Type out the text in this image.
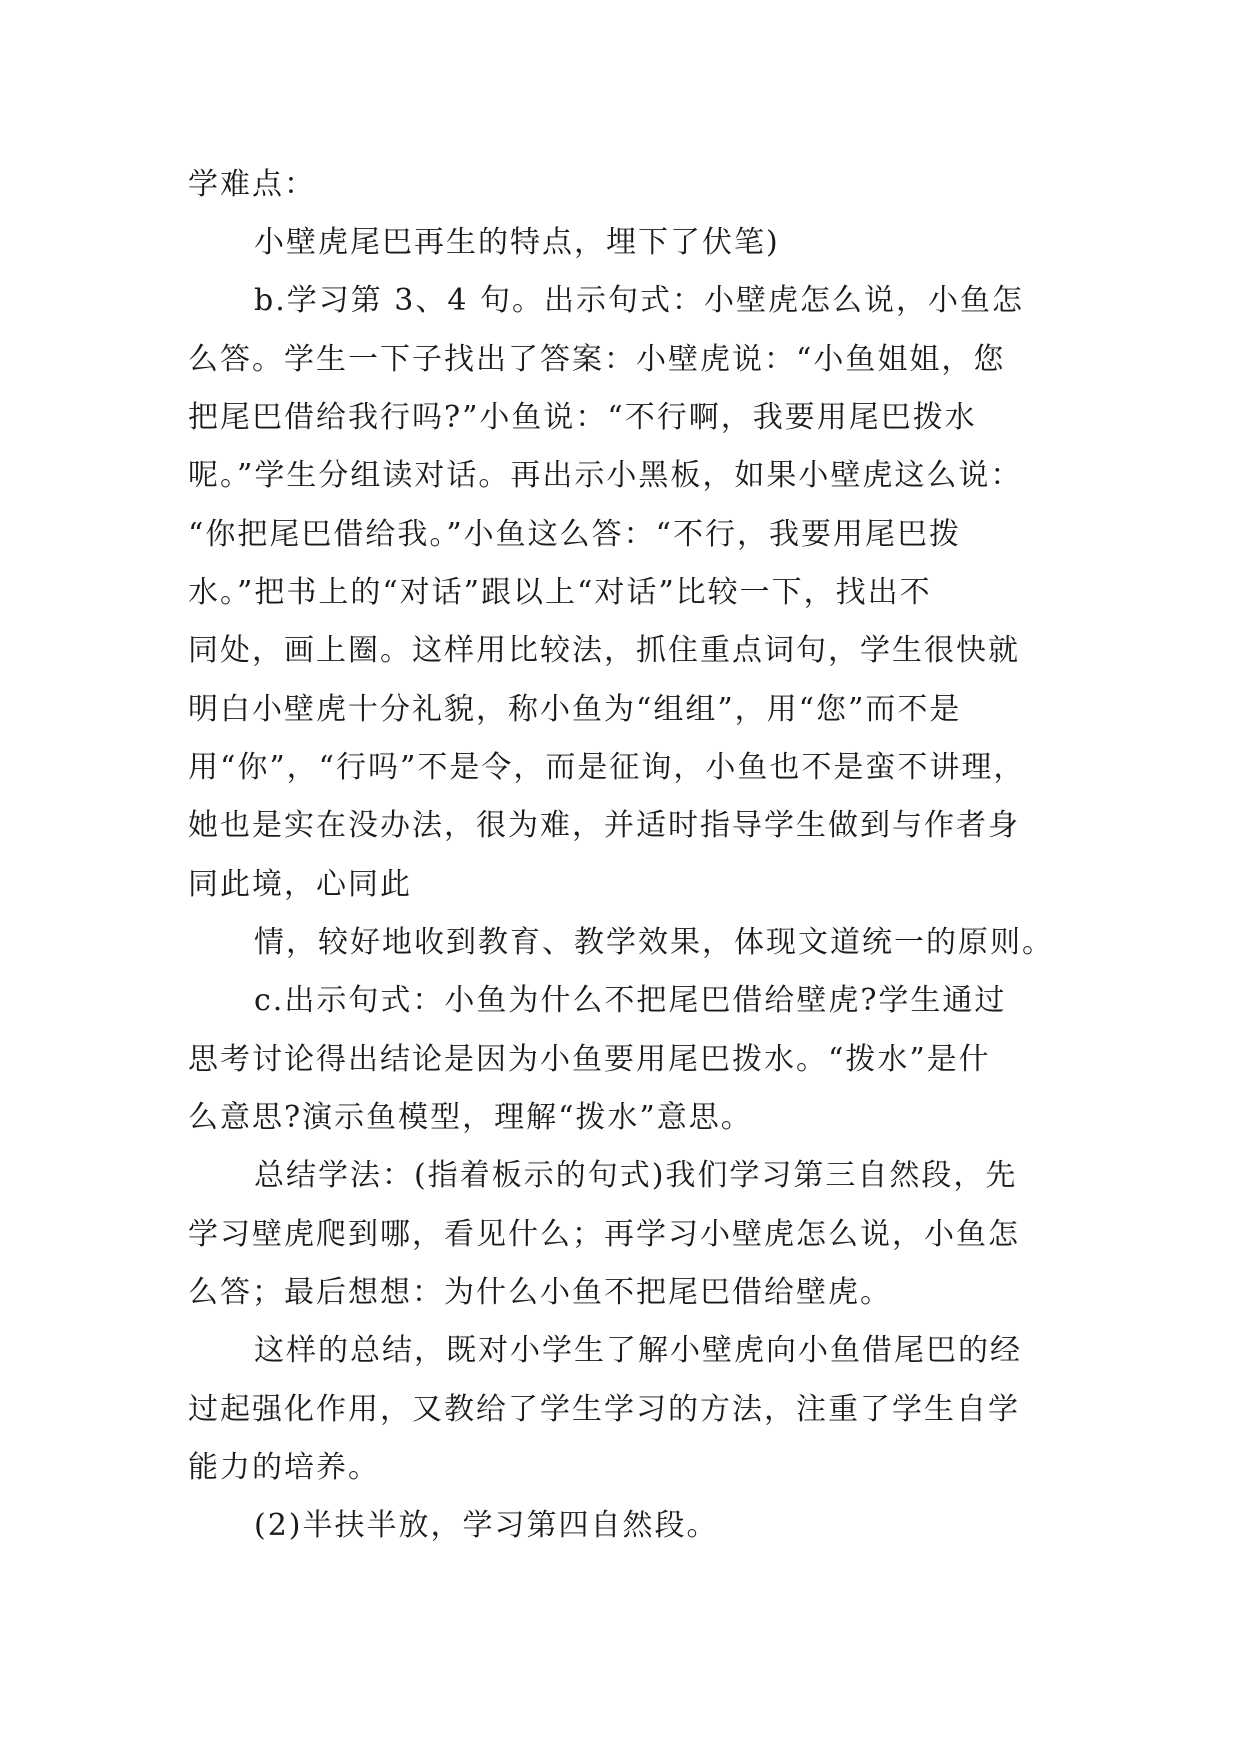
学难点：
小壁虎尾巴再生的特点，埋下了伏笔)
b.学习第 3、4 句。出示句式：小壁虎怎么说，小鱼怎
么答。学生一下子找出了答案：小壁虎说：“小鱼姐姐，您
把尾巴借给我行吗?”小鱼说：“不行啊，我要用尾巴拨水
呢。”学生分组读对话。再出示小黑板，如果小壁虎这么说：
“你把尾巴借给我。”小鱼这么答：“不行，我要用尾巴拨
水。”把书上的“对话”跟以上“对话”比较一下，找出不
同处，画上圈。这样用比较法，抓住重点词句，学生很快就
明白小壁虎十分礼貌，称小鱼为“组组”，用“您”而不是
用“你”，“行吗”不是令，而是征询，小鱼也不是蛮不讲理，
她也是实在没办法，很为难，并适时指导学生做到与作者身
同此境，心同此
情，较好地收到教育、教学效果，体现文道统一的原则。
c.出示句式：小鱼为什么不把尾巴借给壁虎?学生通过
思考讨论得出结论是因为小鱼要用尾巴拨水。“拨水”是什
么意思?演示鱼模型，理解“拨水”意思。
总结学法：(指着板示的句式)我们学习第三自然段，先
学习壁虎爬到哪，看见什么；再学习小壁虎怎么说，小鱼怎
么答；最后想想：为什么小鱼不把尾巴借给壁虎。
这样的总结，既对小学生了解小壁虎向小鱼借尾巴的经
过起强化作用，又教给了学生学习的方法，注重了学生自学
能力的培养。
(2)半扶半放，学习第四自然段。
